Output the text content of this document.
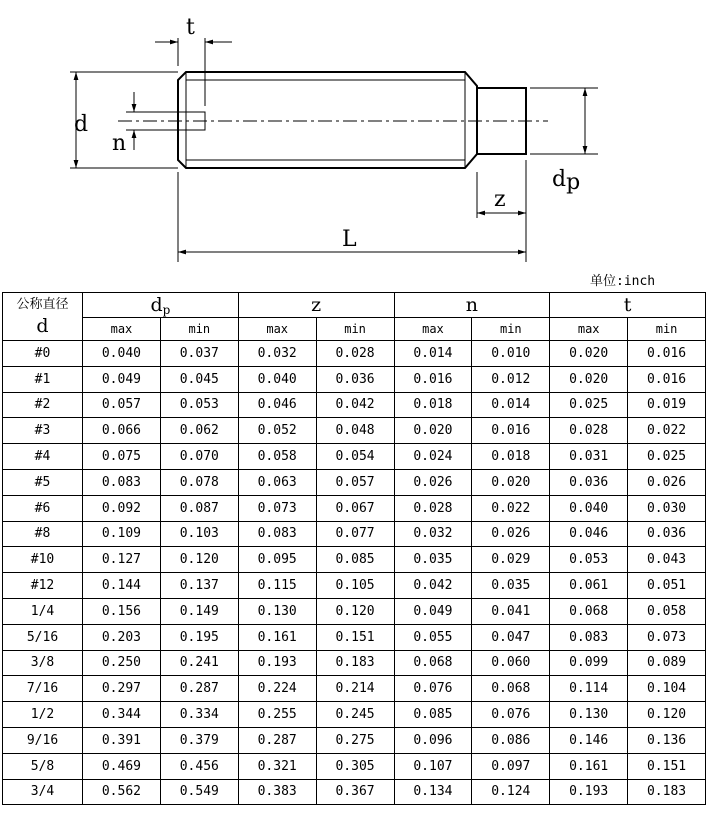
t
d
n
dp
z
L
单位:inch
公称直径
d	dp		z		n		t	
	max	min	max	min	max	min	max	min
#0	0.040	0.037	0.032	0.028	0.014	0.010	0.020	0.016
#1	0.049	0.045	0.040	0.036	0.016	0.012	0.020	0.016
#2	0.057	0.053	0.046	0.042	0.018	0.014	0.025	0.019
#3	0.066	0.062	0.052	0.048	0.020	0.016	0.028	0.022
#4	0.075	0.070	0.058	0.054	0.024	0.018	0.031	0.025
#5	0.083	0.078	0.063	0.057	0.026	0.020	0.036	0.026
#6	0.092	0.087	0.073	0.067	0.028	0.022	0.040	0.030
#8	0.109	0.103	0.083	0.077	0.032	0.026	0.046	0.036
#10	0.127	0.120	0.095	0.085	0.035	0.029	0.053	0.043
#12	0.144	0.137	0.115	0.105	0.042	0.035	0.061	0.051
1/4	0.156	0.149	0.130	0.120	0.049	0.041	0.068	0.058
5/16	0.203	0.195	0.161	0.151	0.055	0.047	0.083	0.073
3/8	0.250	0.241	0.193	0.183	0.068	0.060	0.099	0.089
7/16	0.297	0.287	0.224	0.214	0.076	0.068	0.114	0.104
1/2	0.344	0.334	0.255	0.245	0.085	0.076	0.130	0.120
9/16	0.391	0.379	0.287	0.275	0.096	0.086	0.146	0.136
5/8	0.469	0.456	0.321	0.305	0.107	0.097	0.161	0.151
3/4	0.562	0.549	0.383	0.367	0.134	0.124	0.193	0.183
